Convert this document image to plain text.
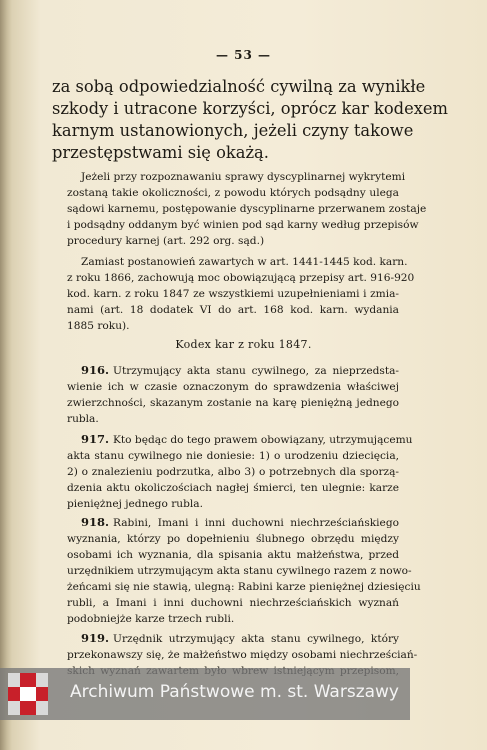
— 53 —
za sobą odpowiedzialność cywilną za wynikłe
szkody i utracone korzyści, oprócz kar kodexem
karnym ustanowionych, jeżeli czyny takowe
przestępstwami się okażą.
Jeżeli przy rozpoznawaniu sprawy dyscyplinarnej wykrytemi
zostaną takie okoliczności, z powodu których podsądny ulega
sądowi karnemu, postępowanie dyscyplinarne przerwanem zostaje
i podsądny oddanym być winien pod sąd karny według przepisów
procedury karnej (art. 292 org. sąd.)
Zamiast postanowień zawartych w art. 1441-1445 kod. karn.
z roku 1866, zachowują moc obowiązującą przepisy art. 916-920
kod. karn. z roku 1847 ze wszystkiemi uzupełnieniami i zmia-
nami (art. 18 dodatek VI do art. 168 kod. karn. wydania
1885 roku).
Kodex kar z roku 1847.
916. Utrzymujący akta stanu cywilnego, za nieprzedsta-
wienie ich w czasie oznaczonym do sprawdzenia właściwej
zwierzchności, skazanym zostanie na karę pieniężną jednego
rubla.
917. Kto będąc do tego prawem obowiązany, utrzymującemu
akta stanu cywilnego nie doniesie: 1) o urodzeniu dziecięcia,
2) o znalezieniu podrzutka, albo 3) o potrzebnych dla sporzą-
dzenia aktu okoliczościach nagłej śmierci, ten ulegnie: karze
pieniężnej jednego rubla.
918. Rabini, Imani i inni duchowni niechrześciańskiego
wyznania, którzy po dopełnieniu ślubnego obrzędu między
osobami ich wyznania, dla spisania aktu małżeństwa, przed
urzędnikiem utrzymującym akta stanu cywilnego razem z nowo-
żeńcami się nie stawią, ulegną: Rabini karze pieniężnej dziesięciu
rubli, a Imani i inni duchowni niechrześciańskich wyznań
podobniejże karze trzech rubli.
919. Urzędnik utrzymujący akta stanu cywilnego, który
przekonawszy się, że małżeństwo między osobami niechrześciań-
Archiwum Państwowe m. st. Warszawy
